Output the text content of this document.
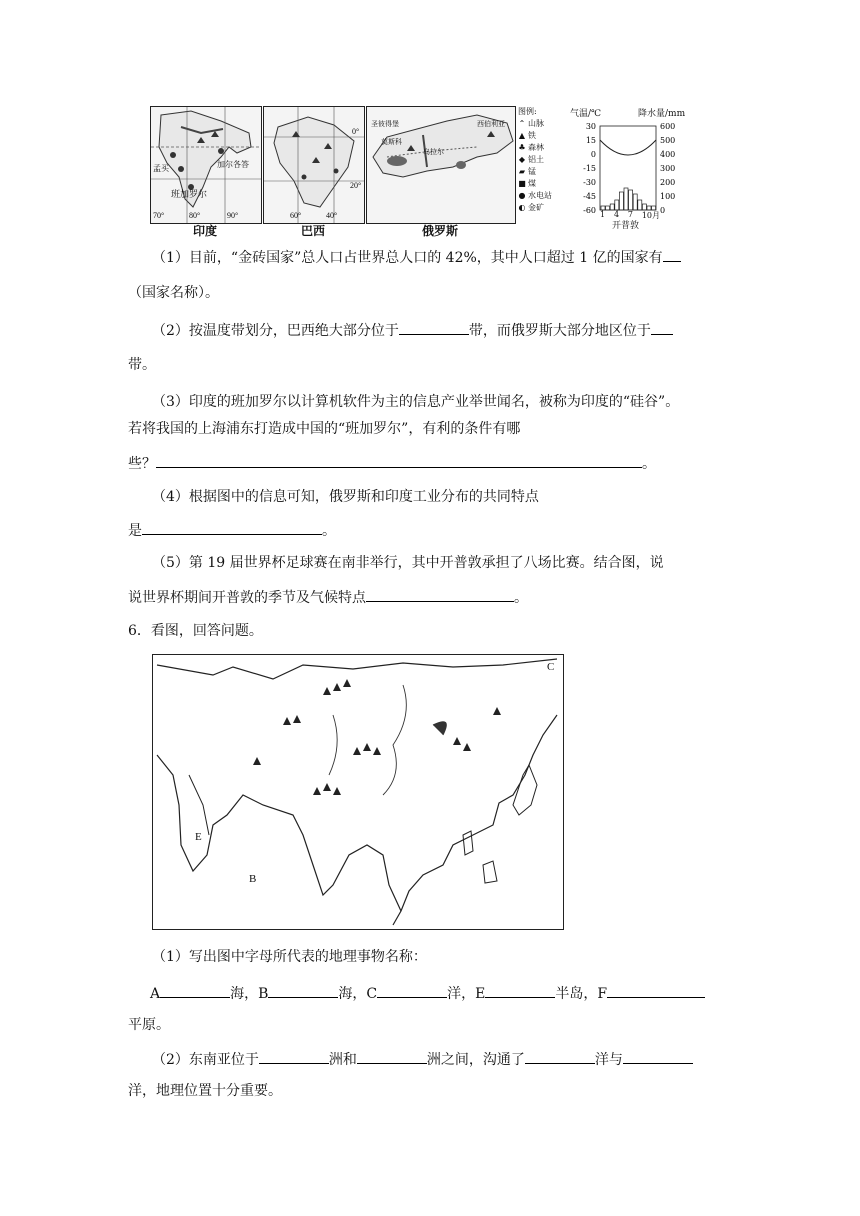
班加罗尔
孟买	加尔各答
70°	80°	90°
印度
60°	40°
0°
20°
巴西
圣彼得堡
莫斯科
乌拉尔
西伯利亚
俄罗斯
图例:
⌃ 山脉
▲ 铁
♣ 森林
◆ 铝土
▰ 锰
■ 煤
● 水电站
◐ 金矿
气温/℃	降水量/mm
30
15
0
-15
-30
-45
-60
600
500
400
300
200
100
0
1 4 7 10月
开普敦
（1）目前，“金砖国家”总人口占世界总人口的 42%，其中人口超过 1 亿的国家有
（国家名称）。
（2）按温度带划分，巴西绝大部分位于	带，而俄罗斯大部分地区位于
带。
（3）印度的班加罗尔以计算机软件为主的信息产业举世闻名，被称为印度的“硅谷”。
若将我国的上海浦东打造成中国的“班加罗尔”，有利的条件有哪
些？	。
（4）根据图中的信息可知，俄罗斯和印度工业分布的共同特点
是	。
（5）第 19 届世界杯足球赛在南非举行，其中开普敦承担了八场比赛。结合图，说
说世界杯期间开普敦的季节及气候特点	。
6．看图，回答问题。
C
E
B
（1）写出图中字母所代表的地理事物名称：
A	海，B	海，C	洋，E	半岛，F
平原。
（2）东南亚位于	洲和	洲之间，沟通了	洋与
洋，地理位置十分重要。
